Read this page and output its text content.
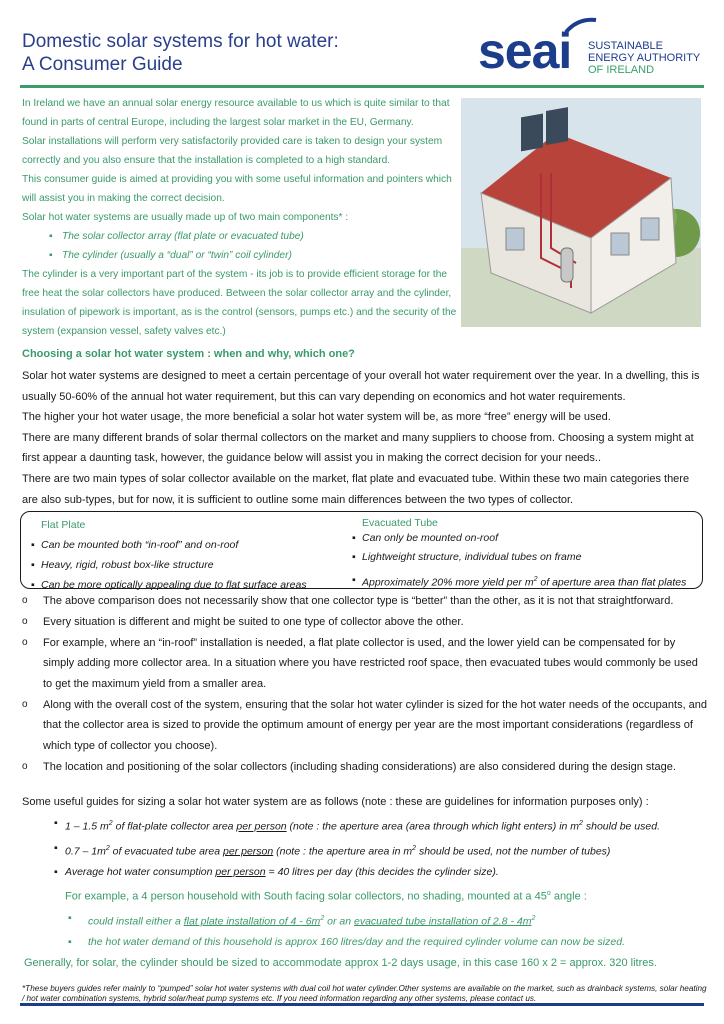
Domestic solar systems for hot water:
A Consumer Guide	seai SUSTAINABLE
ENERGY AUTHORITY
OF IRELAND

In Ireland we have an annual solar energy resource available to us which is quite similar to that found in parts of central Europe, including the largest solar market in the EU, Germany.

Solar installations will perform very satisfactorily provided care is taken to design your system correctly and you also ensure that the installation is completed to a high standard.

This consumer guide is aimed at providing you with some useful information and pointers which will assist you in making the correct decision.

Solar hot water systems are usually made up of two main components* :

▪ The solar collector array (flat plate or evacuated tube)
▪ The cylinder (usually a “dual” or “twin” coil cylinder)

The cylinder is a very important part of the system - its job is to provide efficient storage for the free heat the solar collectors have produced. Between the solar collector array and the cylinder, insulation of pipework is important, as is the control (sensors, pumps etc.) and the security of the system (expansion vessel, safety valves etc.)

Choosing a solar hot water system : when and why, which one?

Solar hot water systems are designed to meet a certain percentage of your overall hot water requirement over the year. In a dwelling, this is usually 50-60% of the annual hot water requirement, but this can vary depending on economics and hot water requirements.

The higher your hot water usage, the more beneficial a solar hot water system will be, as more “free” energy will be used.

There are many different brands of solar thermal collectors on the market and many suppliers to choose from. Choosing a system might at first appear a daunting task, however, the guidance below will assist you in making the correct decision for your needs..

There are two main types of solar collector available on the market, flat plate and evacuated tube. Within these two main categories there are also sub-types, but for now, it is sufficient to outline some main differences between the two types of collector.

Flat Plate
▪ Can be mounted both “in-roof” and on-roof
▪ Heavy, rigid, robust box-like structure
▪ Can be more optically appealing due to flat surface areas
Evacuated Tube
▪ Can only be mounted on-roof
▪ Lightweight structure, individual tubes on frame
▪ Approximately 20% more yield per $m^2$ of aperture area than flat plates
o The above comparison does not necessarily show that one collector type is “better” than the other, as it is not that straightforward.
o Every situation is different and might be suited to one type of collector above the other.
o For example, where an “in-roof” installation is needed, a flat plate collector is used, and the lower yield can be compensated for by simply adding more collector area. In a situation where you have restricted roof space, then evacuated tubes would commonly be used to get the maximum yield from a smaller area.
o Along with the overall cost of the system, ensuring that the solar hot water cylinder is sized for the hot water needs of the occupants, and that the collector area is sized to provide the optimum amount of energy per year are the most important considerations (regardless of which type of collector you choose).
o The location and positioning of the solar collectors (including shading considerations) are also considered during the design stage.

Some useful guides for sizing a solar hot water system are as follows (note : these are guidelines for information purposes only) :

▪ 1 – 1.5 $m^2$ of flat-plate collector area per person (note : the aperture area (area through which light enters) in $m^2$ should be used.
▪ $0.7 - 1m^2$ of evacuated tube area per person (note : the aperture area in $m^2$ should be used, not the number of tubes)
▪ Average hot water consumption per person = 40 litres per day (this decides the cylinder size).

For example, a 4 person household with South facing solar collectors, no shading, mounted at a 45$^o$ angle :

▪ could install either a flat plate installation of $4 - 6m^2$ or an evacuated tube installation of $2.8 - 4m^2$
▪ the hot water demand of this household is approx 160 litres/day and the required cylinder volume can now be sized.

Generally, for solar, the cylinder should be sized to accommodate approx 1-2 days usage, in this case 160 x 2 = approx. 320 litres.

*These buyers guides refer mainly to “pumped” solar hot water systems with dual coil hot water cylinder.Other systems are available on the market, such as drainback systems, solar heating / hot water combination systems, hybrid solar/heat pump systems etc. If you need information regarding any other systems, please contact us.
